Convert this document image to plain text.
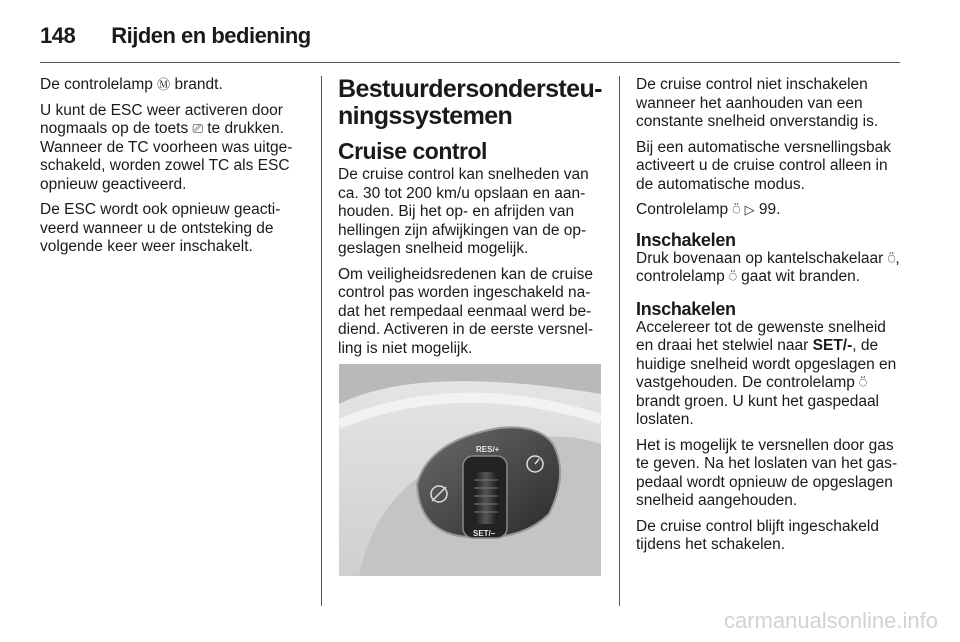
148 Rijden en bediening

De controlelamp Ⓜ brandt.

U kunt de ESC weer activeren door nogmaals op de toets ⎚ te drukken. Wanneer de TC voorheen was uitgeschakeld, worden zowel TC als ESC opnieuw geactiveerd.

De ESC wordt ook opnieuw geactiveerd wanneer u de ontsteking de volgende keer weer inschakelt.

Bestuurdersondersteuningssystemen
Cruise control

De cruise control kan snelheden van ca. 30 tot 200 km/u opslaan en aanhouden. Bij het op- en afrijden van hellingen zijn afwijkingen van de opgeslagen snelheid mogelijk.

Om veiligheidsredenen kan de cruise control pas worden ingeschakeld nadat het rempedaal eenmaal werd bediend. Activeren in de eerste versnelling is niet mogelijk.

RES/+
SET/–

De cruise control niet inschakelen wanneer het aanhouden van een constante snelheid onverstandig is.

Bij een automatische versnellingsbak activeert u de cruise control alleen in de automatische modus.

Controlelamp ⍥ ▷ 99.

Inschakelen

Druk bovenaan op kantelschakelaar ⍥, controlelamp ⍥ gaat wit branden.

Inschakelen

Accelereer tot de gewenste snelheid en draai het stelwiel naar SET/-, de huidige snelheid wordt opgeslagen en vastgehouden. De controlelamp ⍥ brandt groen. U kunt het gaspedaal loslaten.

Het is mogelijk te versnellen door gas te geven. Na het loslaten van het gaspedaal wordt opnieuw de opgeslagen snelheid aangehouden.

De cruise control blijft ingeschakeld tijdens het schakelen.

carmanualsonline.info
